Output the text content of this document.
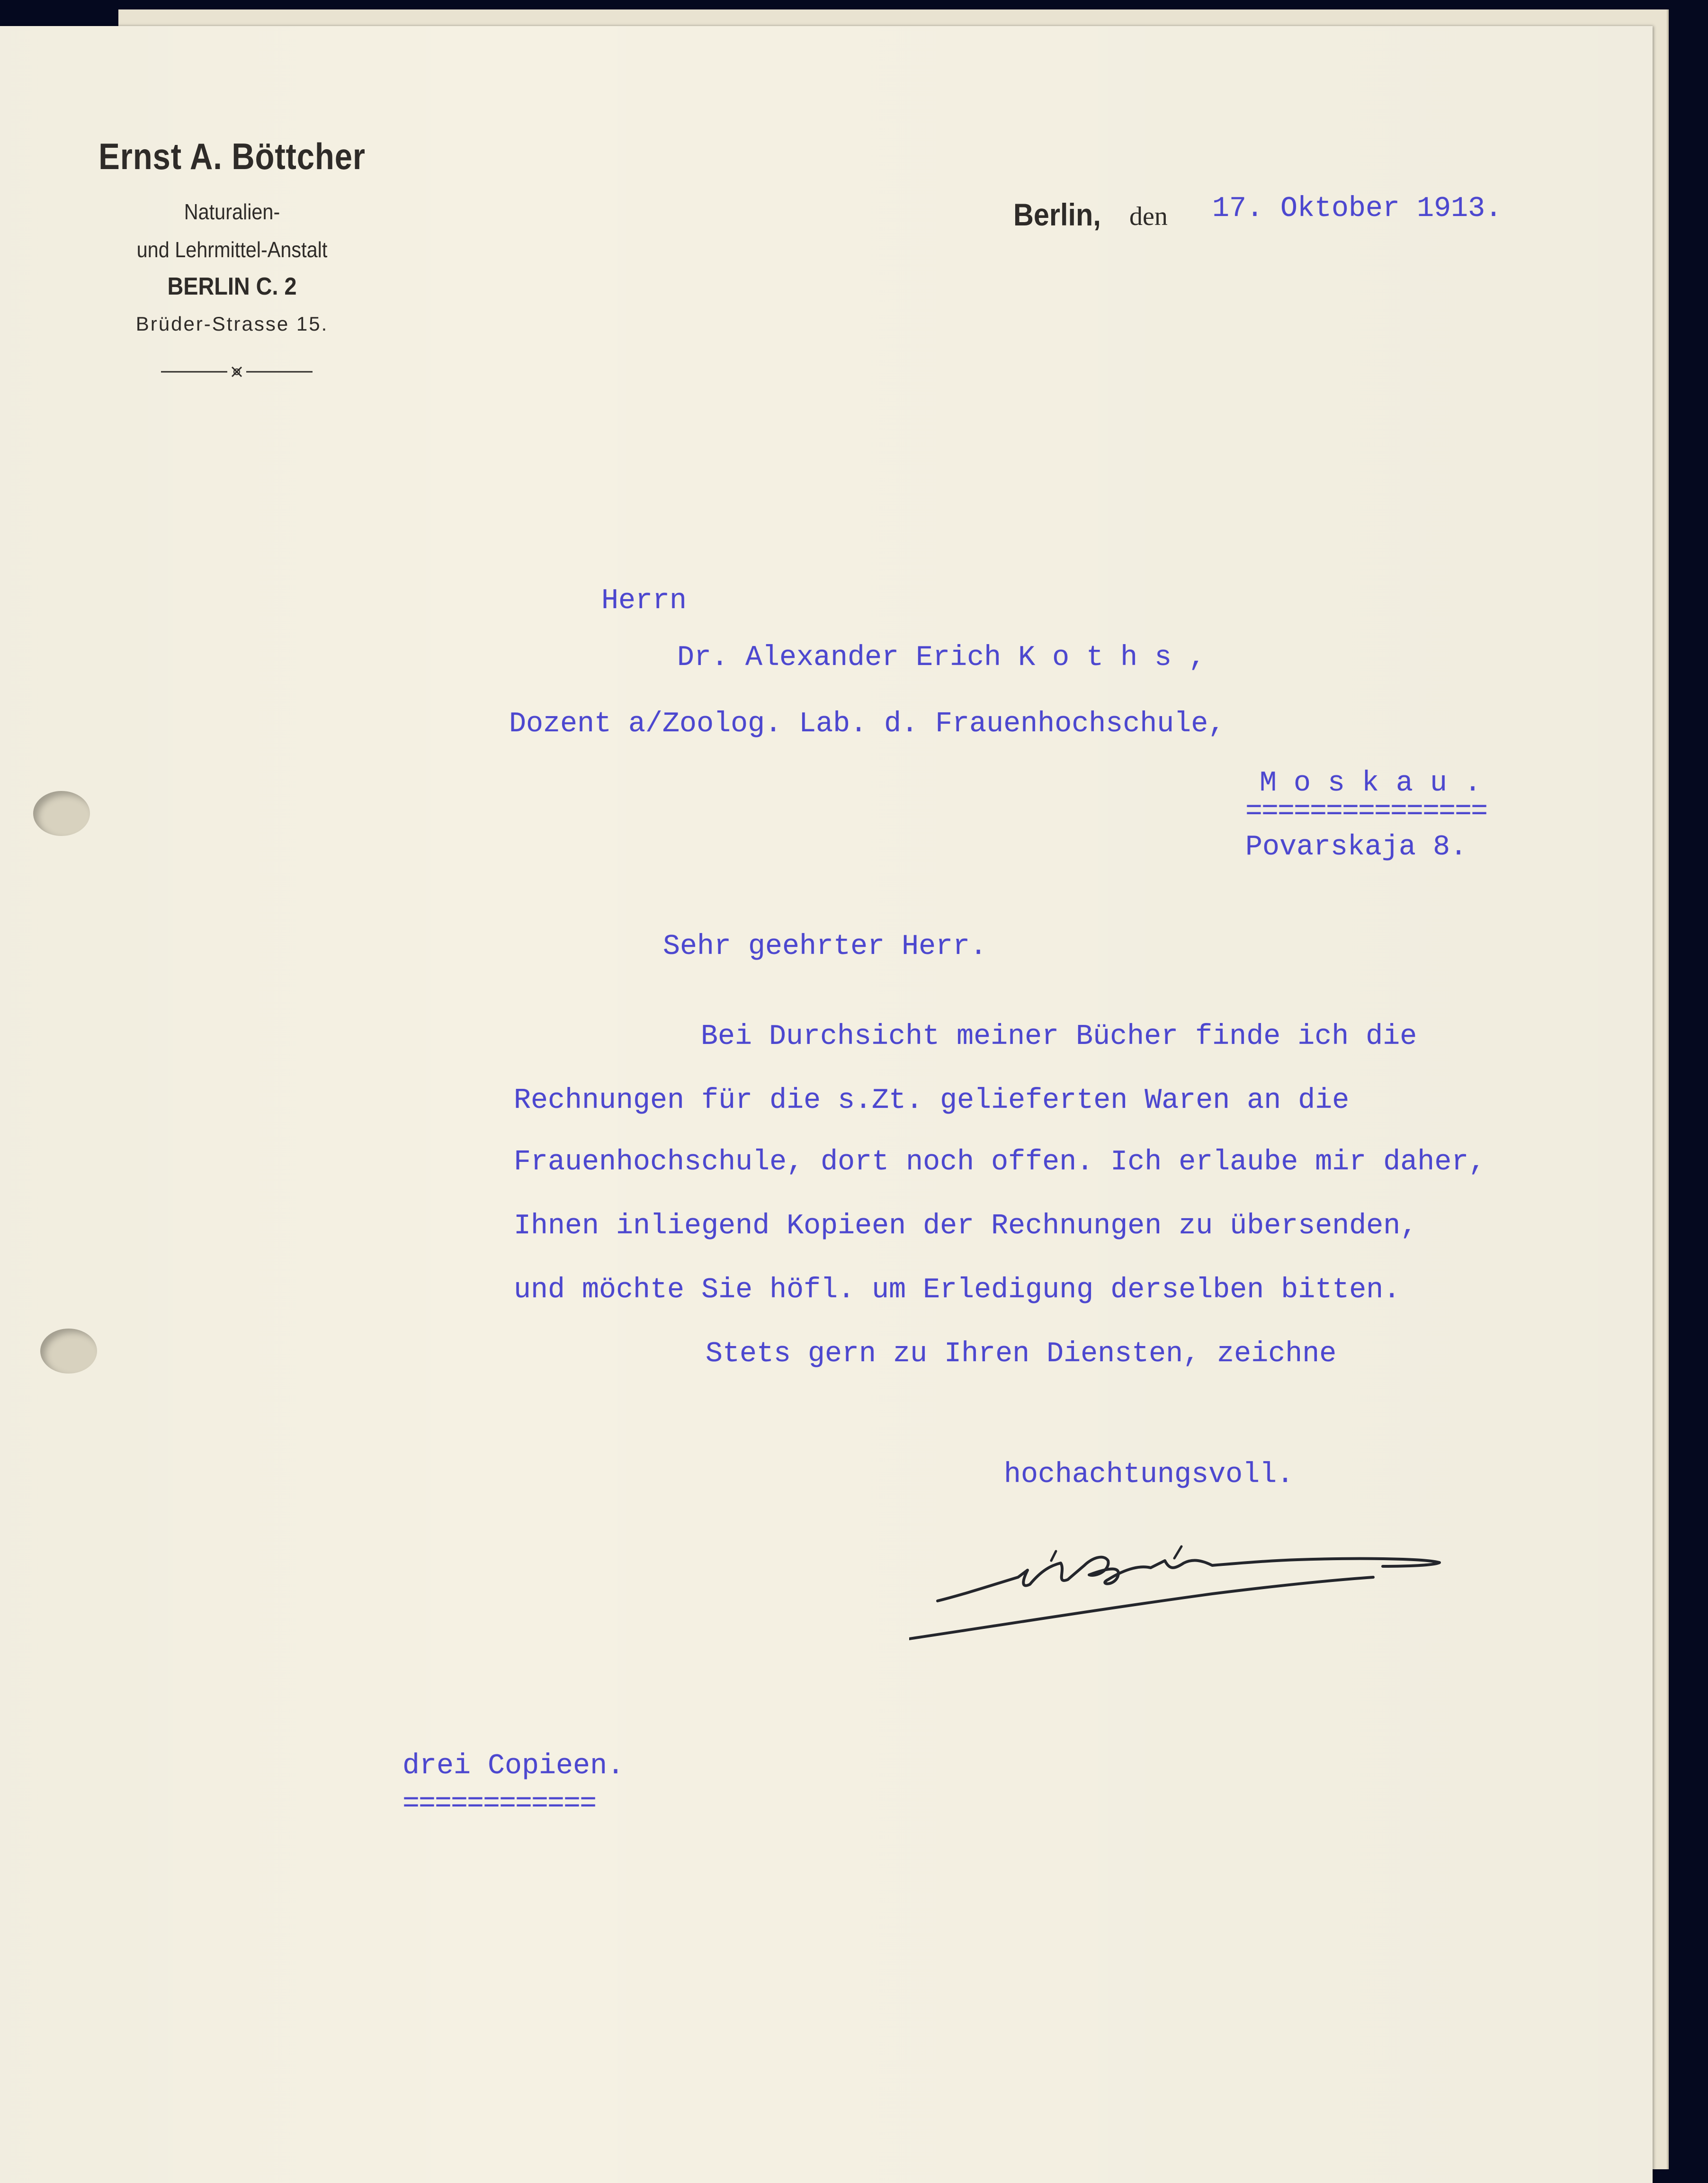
Ernst A. Böttcher
Naturalien-
und Lehrmittel-Anstalt
BERLIN C. 2
Brüder-Strasse 15.
Berlin, den 17. Oktober 1913.
Herrn
Dr. Alexander Erich K o t h s ,
Dozent a/Zoolog. Lab. d. Frauenhochschule,
M o s k a u .
===============
Povarskaja 8.
Sehr geehrter Herr.
Bei Durchsicht meiner Bücher finde ich die
Rechnungen für die s.Zt. gelieferten Waren an die
Frauenhochschule, dort noch offen. Ich erlaube mir daher,
Ihnen inliegend Kopieen der Rechnungen zu übersenden,
und möchte Sie höfl. um Erledigung derselben bitten.
Stets gern zu Ihren Diensten, zeichne
hochachtungsvoll.
drei Copieen.
============
